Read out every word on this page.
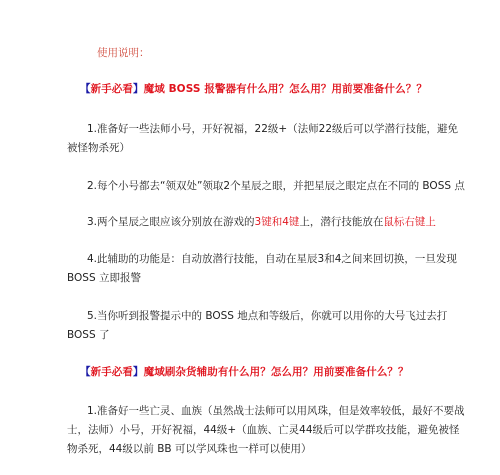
使用说明：
【新手必看】魔域 BOSS 报警器有什么用？怎么用？用前要准备什么？？
1.准备好一些法师小号，开好祝福，22级+（法师22级后可以学潜行技能，避免被怪物杀死）
2.每个小号都去“领双处”领取2个星辰之眼，并把星辰之眼定点在不同的 BOSS 点
3.两个星辰之眼应该分别放在游戏的3键和4键上，潜行技能放在鼠标右键上
4.此辅助的功能是：自动放潜行技能，自动在星辰3和4之间来回切换，一旦发现 BOSS 立即报警
5.当你听到报警提示中的 BOSS 地点和等级后，你就可以用你的大号飞过去打 BOSS 了
【新手必看】魔域刷杂货辅助有什么用？怎么用？用前要准备什么？？
1.准备好一些亡灵、血族（虽然战士法师可以用风珠，但是效率较低，最好不要战士，法师）小号，开好祝福，44级+（血族、亡灵44级后可以学群攻技能，避免被怪物杀死，44级以前 BB 可以学风珠也一样可以使用）
